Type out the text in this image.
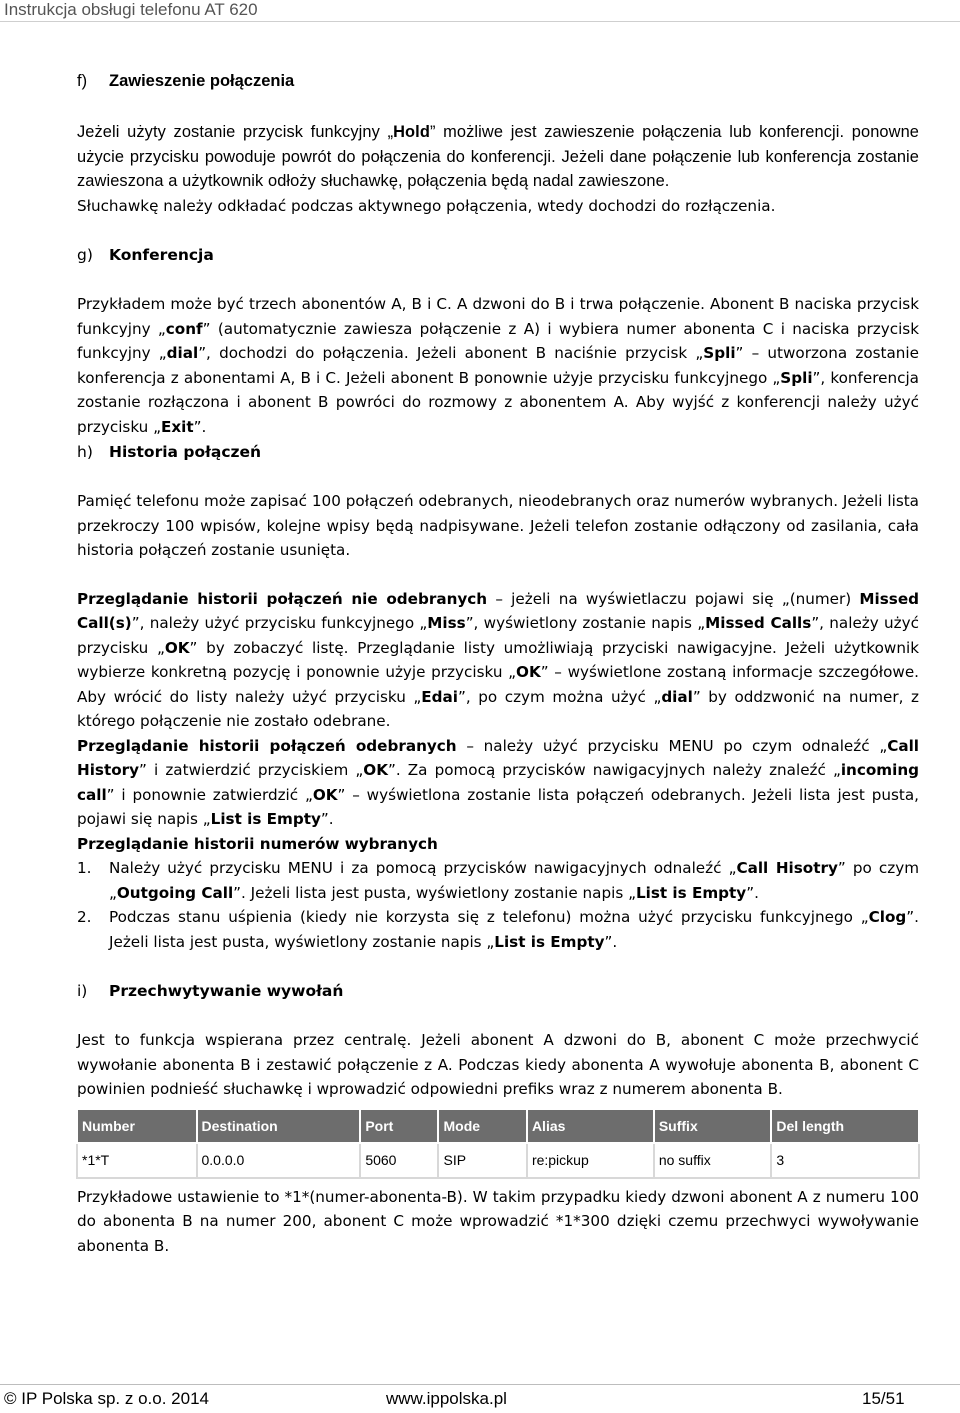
Instrukcja obsługi telefonu AT 620
f)	Zawieszenie połączenia

Jeżeli użyty zostanie przycisk funkcyjny „Hold” możliwe jest zawieszenie połączenia lub konferencji. ponowne użycie przycisku powoduje powrót do połączenia do konferencji. Jeżeli dane połączenie lub konferencja zostanie zawieszona a użytkownik odłoży słuchawkę, połączenia będą nadal zawieszone.

Słuchawkę należy odkładać podczas aktywnego połączenia, wtedy dochodzi do rozłączenia.

g)	Konferencja

Przykładem może być trzech abonentów A, B i C. A dzwoni do B i trwa połączenie. Abonent B naciska przycisk funkcyjny „conf” (automatycznie zawiesza połączenie z A) i wybiera numer abonenta C i naciska przycisk funkcyjny „dial”, dochodzi do połączenia. Jeżeli abonent B naciśnie przycisk „Spli” – utworzona zostanie konferencja z abonentami A, B i C. Jeżeli abonent B ponownie użyje przycisku funkcyjnego „Spli”, konferencja zostanie rozłączona i abonent B powróci do rozmowy z abonentem A. Aby wyjść z konferencji należy użyć przycisku „Exit”.

h)	Historia połączeń

Pamięć telefonu może zapisać 100 połączeń odebranych, nieodebranych oraz numerów wybranych. Jeżeli lista przekroczy 100 wpisów, kolejne wpisy będą nadpisywane. Jeżeli telefon zostanie odłączony od zasilania, cała historia połączeń zostanie usunięta.

Przeglądanie historii połączeń nie odebranych – jeżeli na wyświetlaczu pojawi się „(numer) Missed Call(s)”, należy użyć przycisku funkcyjnego „Miss”, wyświetlony zostanie napis „Missed Calls”, należy użyć przycisku „OK” by zobaczyć listę. Przeglądanie listy umożliwiają przyciski nawigacyjne. Jeżeli użytkownik wybierze konkretną pozycję i ponownie użyje przycisku „OK” – wyświetlone zostaną informacje szczegółowe. Aby wrócić do listy należy użyć przycisku „Edai”, po czym można użyć „dial” by oddzwonić na numer, z którego połączenie nie zostało odebrane.

Przeglądanie historii połączeń odebranych – należy użyć przycisku MENU po czym odnaleźć „Call History” i zatwierdzić przyciskiem „OK”. Za pomocą przycisków nawigacyjnych należy znaleźć „incoming call” i ponownie zatwierdzić „OK” – wyświetlona zostanie lista połączeń odebranych. Jeżeli lista jest pusta, pojawi się napis „List is Empty”.

Przeglądanie historii numerów wybranych

1.	Należy użyć przycisku MENU i za pomocą przycisków nawigacyjnych odnaleźć „Call Hisotry” po czym „Outgoing Call”. Jeżeli lista jest pusta, wyświetlony zostanie napis „List is Empty”.
2.	Podczas stanu uśpienia (kiedy nie korzysta się z telefonu) można użyć przycisku funkcyjnego „Clog”. Jeżeli lista jest pusta, wyświetlony zostanie napis „List is Empty”.
i)	Przechwytywanie wywołań

Jest to funkcja wspierana przez centralę. Jeżeli abonent A dzwoni do B, abonent C może przechwycić wywołanie abonenta B i zestawić połączenie z A. Podczas kiedy abonenta A wywołuje abonenta B, abonent C powinien podnieść słuchawkę i wprowadzić odpowiedni prefiks wraz z numerem abonenta B.

Number	Destination	Port	Mode	Alias	Suffix	Del length
*1*T	0.0.0.0	5060	SIP	re:pickup	no suffix	3

Przykładowe ustawienie to *1*(numer-abonenta-B). W takim przypadku kiedy dzwoni abonent A z numeru 100 do abonenta B na numer 200, abonent C może wprowadzić *1*300 dzięki czemu przechwyci wywoływanie abonenta B.

© IP Polska sp. z o.o. 2014	www.ippolska.pl	15/51
